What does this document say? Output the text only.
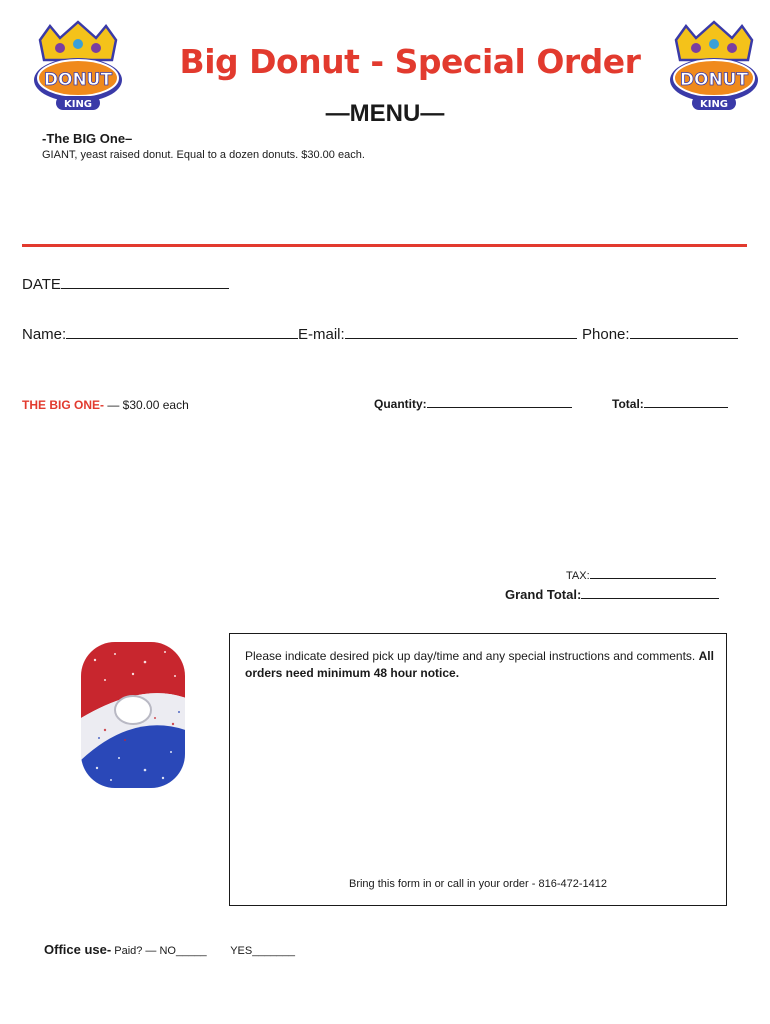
DONUT
KING
DONUT
KING
Big Donut - Special Order
—MENU—
-The BIG One–
GIANT, yeast raised donut. Equal to a dozen donuts. $30.00 each.
DATE
Name:	E-mail:	Phone:
THE BIG ONE- — $30.00 each	Quantity:	Total:
TAX:
Grand Total:
Please indicate desired pick up day/time and any special instructions and comments. All orders need minimum 48 hour notice.
Bring this form in or call in your order - 816-472-1412
Office use- Paid? — NO_____ YES_______
